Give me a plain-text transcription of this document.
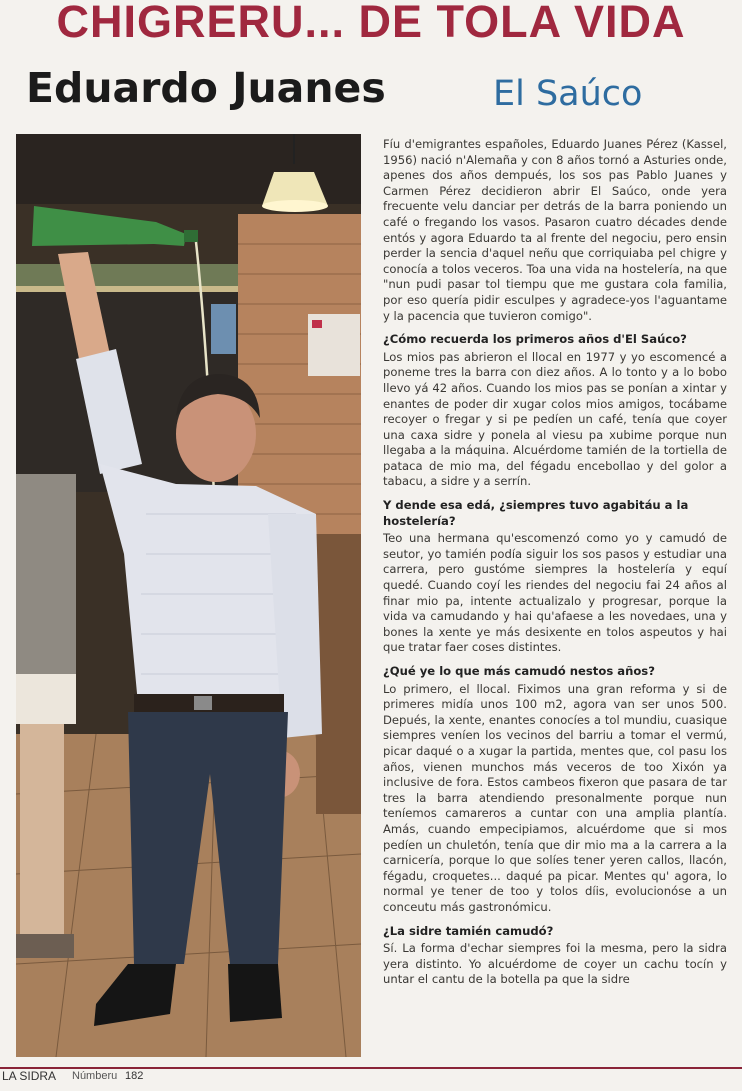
CHIGRERU... DE TOLA VIDA
Eduardo Juanes	El Saúco

Fíu d'emigrantes españoles, Eduardo Juanes Pérez (Kassel, 1956) nació n'Alemaña y con 8 años tornó a Asturies onde, apenes dos años dempués, los sos pas Pablo Juanes y Carmen Pérez decidieron abrir El Saúco, onde yera frecuente velu danciar per detrás de la barra poniendo un café o fregando los vasos. Pasaron cuatro décades dende entós y agora Eduardo ta al frente del negociu, pero ensin perder la sencia d'aquel neñu que corriquiaba pel chigre y conocía a tolos veceros. Toa una vida na hostelería, na que "nun pudi pasar tol tiempu que me gustara cola familia, por eso quería pidir esculpes y agradece-yos l'aguantame y la pacencia que tuvieron comigo".

¿Cómo recuerda los primeros años d'El Saúco?

Los mios pas abrieron el llocal en 1977 y yo escomencé a poneme tres la barra con diez años. A lo tonto y a lo bobo llevo yá 42 años. Cuando los mios pas se ponían a xintar y enantes de poder dir xugar colos mios amigos, tocábame recoyer o fregar y si pe pedíen un café, tenía que coyer una caxa sidre y ponela al viesu pa xubime porque nun llegaba a la máquina. Alcuérdome tamién de la tortiella de pataca de mio ma, del fégadu encebollao y del golor a tabacu, a sidre y a serrín.

Y dende esa edá, ¿siempres tuvo agabitáu a la hostelería?

Teo una hermana qu'escomenzó como yo y camudó de seutor, yo tamién podía siguir los sos pasos y estudiar una carrera, pero gustóme siempres la hostelería y equí quedé. Cuando coyí les riendes del negociu fai 24 años al finar mio pa, intente actualizalo y progresar, porque la vida va camudando y hai qu'afaese a les novedaes, una y bones la xente ye más desixente en tolos aspeutos y hai que tratar faer coses distintes.

¿Qué ye lo que más camudó nestos años?

Lo primero, el llocal. Fiximos una gran reforma y si de primeres midía unos 100 m2, agora van ser unos 500. Depués, la xente, enantes conocíes a tol mundiu, cuasique siempres veníen los vecinos del barriu a tomar el vermú, picar daqué o a xugar la partida, mentes que, col pasu los años, vienen munchos más veceros de too Xixón ya inclusive de fora. Estos cambeos fixeron que pasara de tar tres la barra atendiendo presonalmente porque nun teníemos camareros a cuntar con una amplia plantía. Amás, cuando empecipiamos, alcuérdome que si mos pedíen un chuletón, tenía que dir mio ma a la carrera a la carnicería, porque lo que solíes tener yeren callos, llacón, fégadu, croquetes... daqué pa picar. Mentes qu' agora, lo normal ye tener de too y tolos díis, evolucionóse a un conceutu más gastronómicu.

¿La sidre tamién camudó?

Sí. La forma d'echar siempres foi la mesma, pero la sidra yera distinto. Yo alcuérdome de coyer un cachu tocín y untar el cantu de la botella pa que la sidre

LA SIDRA Númberu 182
